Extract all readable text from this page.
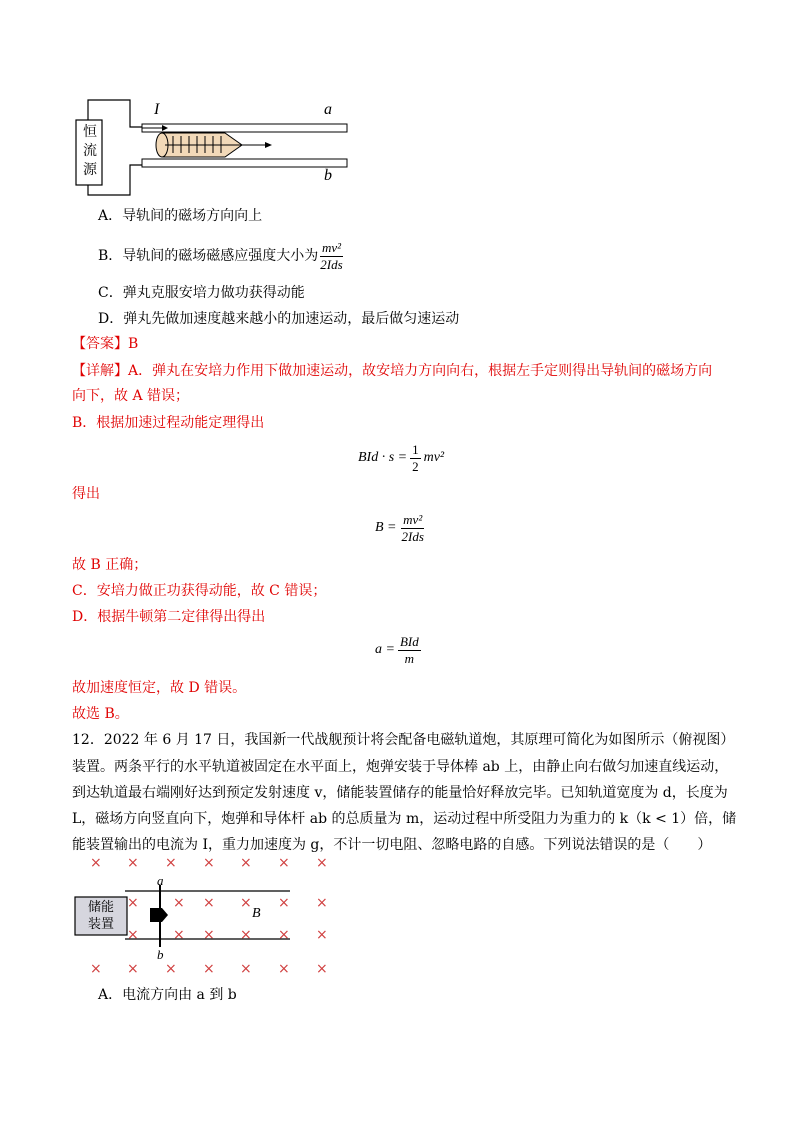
恒流源
I	a
b
A．导轨间的磁场方向向上
B．导轨间的磁场磁感应强度大小为 $\frac{\text{mv²}}{\text{2Ids}}$
C．弹丸克服安培力做功获得动能
D．弹丸先做加速度越来越小的加速运动，最后做匀速运动
【答案】B
【详解】A．弹丸在安培力作用下做加速运动，故安培力方向向右，根据左手定则得出导轨间的磁场方向
向下，故 A 错误；
B．根据加速过程动能定理得出
BId · $s = \frac{1}{2} mv^2$
得出
$B = \frac{\text{mv²}}{\text{2Ids}}$
故 B 正确；
C．安培力做正功获得动能，故 C 错误；
D．根据牛顿第二定律得出得出
$a = \frac{\text{BId}}{m}$
故加速度恒定，故 D 错误。
故选 B。
12．2022 年 6 月 17 日，我国新一代战舰预计将会配备电磁轨道炮，其原理可简化为如图所示（俯视图）
装置。两条平行的水平轨道被固定在水平面上，炮弹安装于导体棒 ab 上，由静止向右做匀加速直线运动，
到达轨道最右端刚好达到预定发射速度 v，储能装置储存的能量恰好释放完毕。已知轨道宽度为 d，长度为
L，磁场方向竖直向下，炮弹和导体杆 ab 的总质量为 m，运动过程中所受阻力为重力的 k（k < 1）倍，储
能装置输出的电流为 I，重力加速度为 g，不计一切电阻、忽略电路的自感。下列说法错误的是（　　）
储能
装置
a
b
B
× × × × × × ×
× × × × × ×
× × × × × ×
× × × × × × ×
A．电流方向由 a 到 b
